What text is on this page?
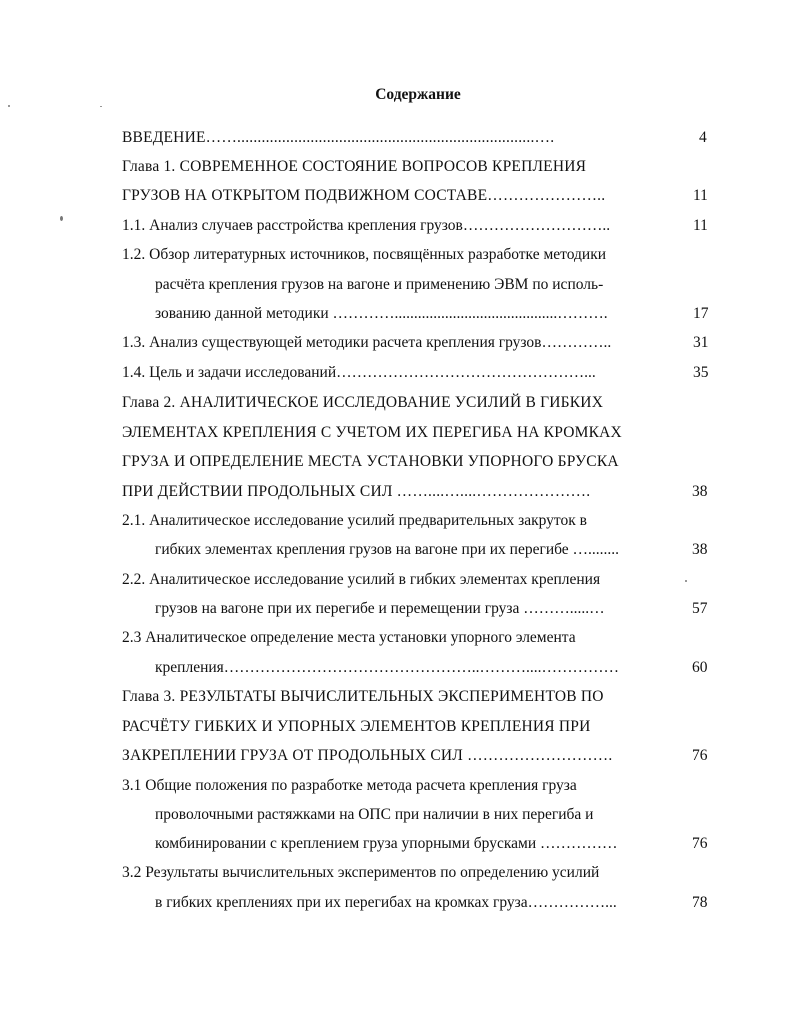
Содержание
ВВЕДЕНИЕ…….........................................................................….	4
Глава 1. СОВРЕМЕННОЕ СОСТОЯНИЕ ВОПРОСОВ КРЕПЛЕНИЯ
ГРУЗОВ НА ОТКРЫТОМ ПОДВИЖНОМ СОСТАВЕ…………………..	11
1.1. Анализ случаев расстройства крепления грузов………………………..	11
1.2. Обзор литературных источников, посвящённых разработке методики
расчёта крепления грузов на вагоне и применению ЭВМ по исполь-
зованию данной методики …………..........................................……….	17
1.3. Анализ существующей методики расчета крепления грузов…………..	31
1.4. Цель и задачи исследований…………………………………………...	35
Глава 2. АНАЛИТИЧЕСКОЕ ИССЛЕДОВАНИЕ УСИЛИЙ В ГИБКИХ
ЭЛЕМЕНТАХ КРЕПЛЕНИЯ С УЧЕТОМ ИХ ПЕРЕГИБА НА КРОМКАХ
ГРУЗА И ОПРЕДЕЛЕНИЕ МЕСТА УСТАНОВКИ УПОРНОГО БРУСКА
ПРИ ДЕЙСТВИИ ПРОДОЛЬНЫХ СИЛ ……....…....………………….	38
2.1. Аналитическое исследование усилий предварительных закруток в
гибких элементах крепления грузов на вагоне при их перегибе …........	38
2.2. Аналитическое исследование усилий в гибких элементах крепления
грузов на вагоне при их перегибе и перемещении груза ……….....…	57
2.3 Аналитическое определение места установки упорного элемента
крепления…………………………………………..………....……………	60
Глава 3. РЕЗУЛЬТАТЫ ВЫЧИСЛИТЕЛЬНЫХ ЭКСПЕРИМЕНТОВ ПО
РАСЧЁТУ ГИБКИХ И УПОРНЫХ ЭЛЕМЕНТОВ КРЕПЛЕНИЯ ПРИ
ЗАКРЕПЛЕНИИ ГРУЗА ОТ ПРОДОЛЬНЫХ СИЛ ……………………….	76
3.1 Общие положения по разработке метода расчета крепления груза
проволочными растяжками на ОПС при наличии в них перегиба и
комбинировании с креплением груза упорными брусками ……………	76
3.2 Результаты вычислительных экспериментов по определению усилий
в гибких креплениях при их перегибах на кромках груза……………...	78
